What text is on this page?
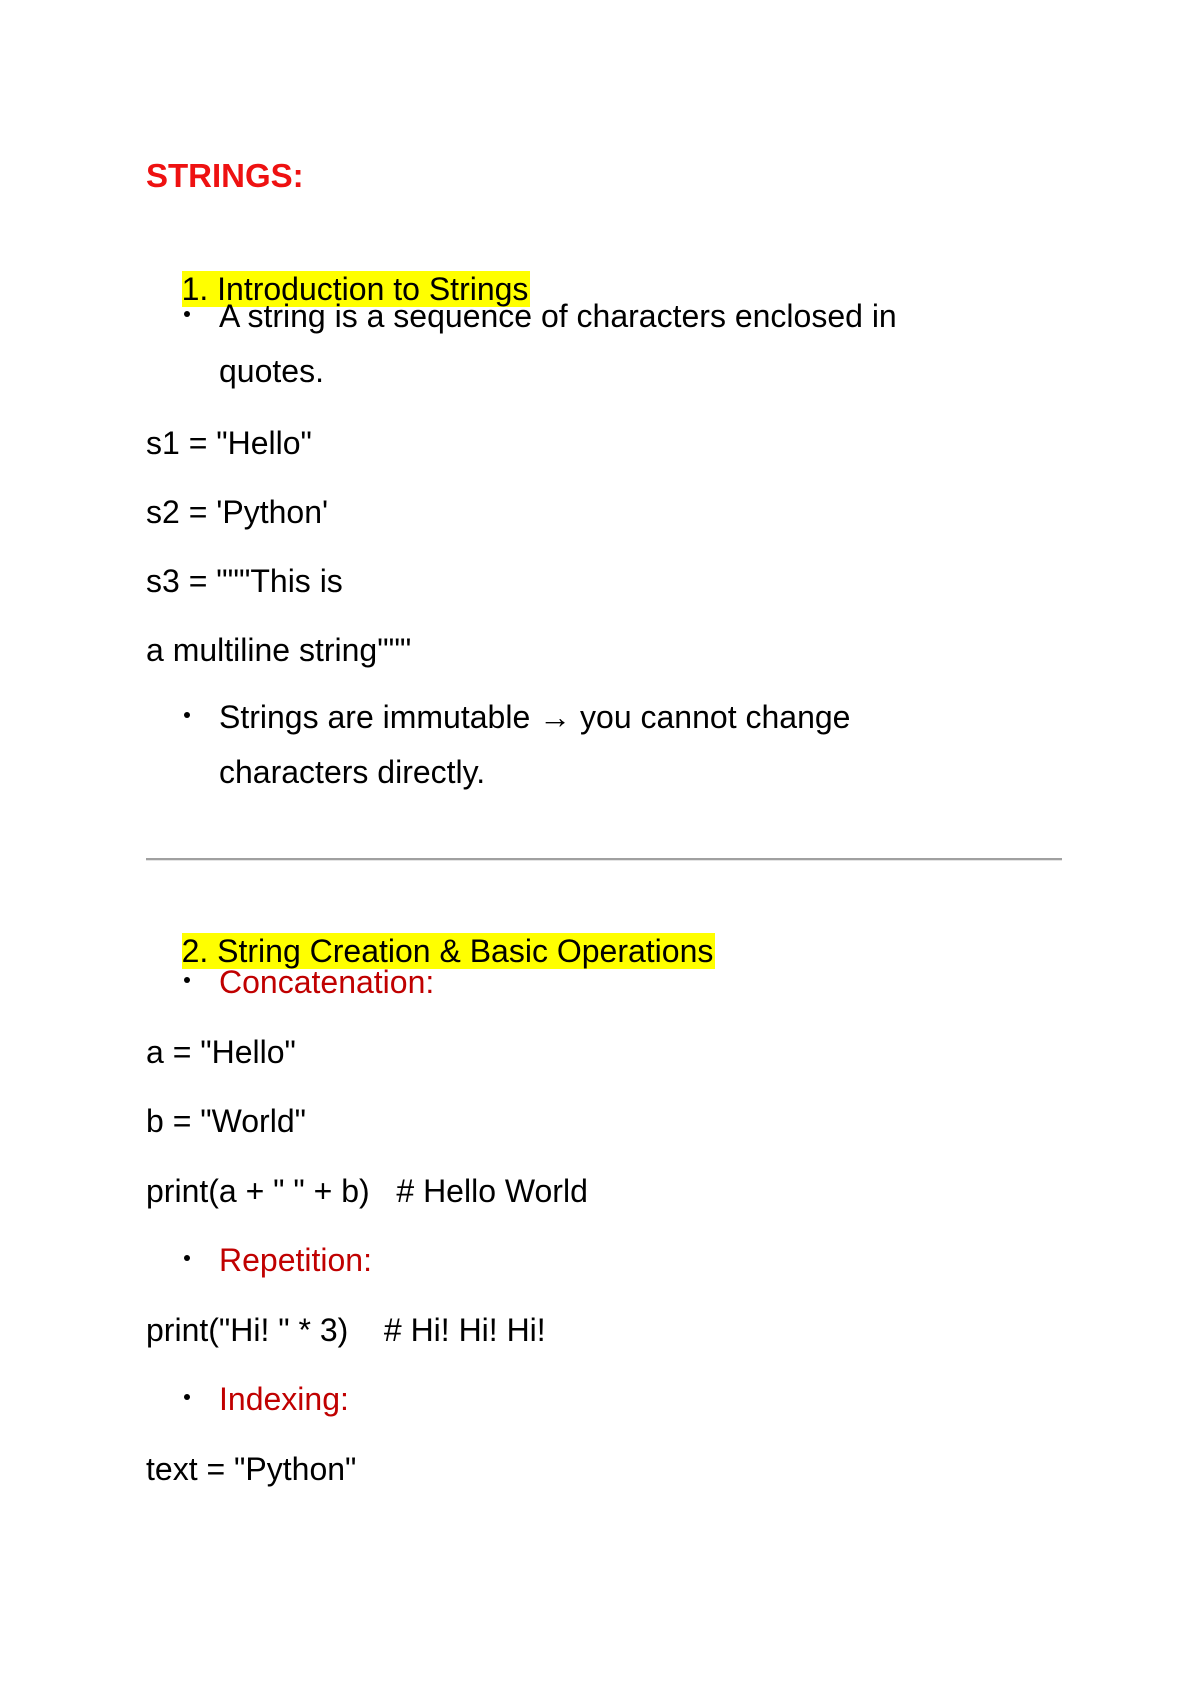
STRINGS:

1. Introduction to Strings

A string is a sequence of characters enclosed in
quotes.
s1 = "Hello"
s2 = 'Python'
s3 = """This is
a multiline string"""
Strings are immutable → you cannot change
characters directly.

2. String Creation & Basic Operations

Concatenation:
a = "Hello"
b = "World"
print(a + " " + b)   # Hello World
Repetition:
print("Hi! " * 3)    # Hi! Hi! Hi!
Indexing:
text = "Python"
